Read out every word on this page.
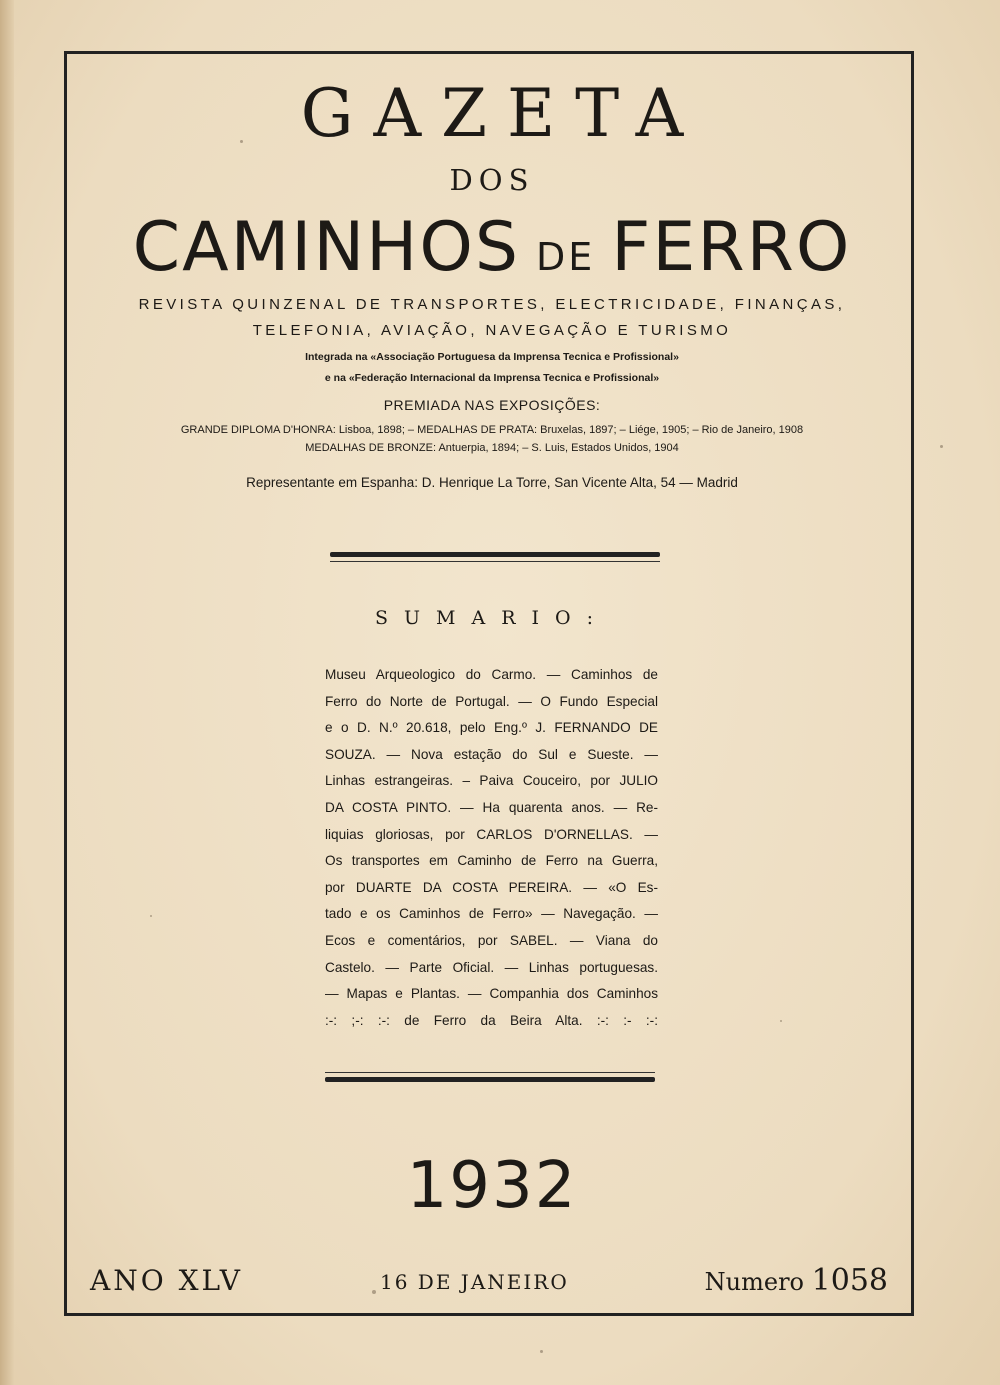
GAZETA
DOS
CAMINHOS DE FERRO
REVISTA QUINZENAL DE TRANSPORTES, ELECTRICIDADE, FINANÇAS,
TELEFONIA, AVIAÇÃO, NAVEGAÇÃO E TURISMO
Integrada na «Associação Portuguesa da Imprensa Tecnica e Profissional»
e na «Federação Internacional da Imprensa Tecnica e Profissional»
PREMIADA NAS EXPOSIÇÕES:
GRANDE DIPLOMA D'HONRA: Lisboa, 1898; – MEDALHAS DE PRATA: Bruxelas, 1897; – Liége, 1905; – Rio de Janeiro, 1908
MEDALHAS DE BRONZE: Antuerpia, 1894; – S. Luis, Estados Unidos, 1904
Representante em Espanha: D. Henrique La Torre, San Vicente Alta, 54 — Madrid
SUMARIO:
Museu Arqueologico do Carmo. — Caminhos de
Ferro do Norte de Portugal. — O Fundo Especial
e o D. N.º 20.618, pelo Eng.º J. FERNANDO DE
SOUZA. — Nova estação do Sul e Sueste. —
Linhas estrangeiras. – Paiva Couceiro, por JULIO
DA COSTA PINTO. — Ha quarenta anos. — Re-
liquias gloriosas, por CARLOS D'ORNELLAS. —
Os transportes em Caminho de Ferro na Guerra,
por DUARTE DA COSTA PEREIRA. — «O Es-
tado e os Caminhos de Ferro» — Navegação. —
Ecos e comentários, por SABEL. — Viana do
Castelo. — Parte Oficial. — Linhas portuguesas.
— Mapas e Plantas. — Companhia dos Caminhos
:-: ;-: :-: de Ferro da Beira Alta. :-: :- :-:
1932
ANO XLV	16 DE JANEIRO	Numero 1058
